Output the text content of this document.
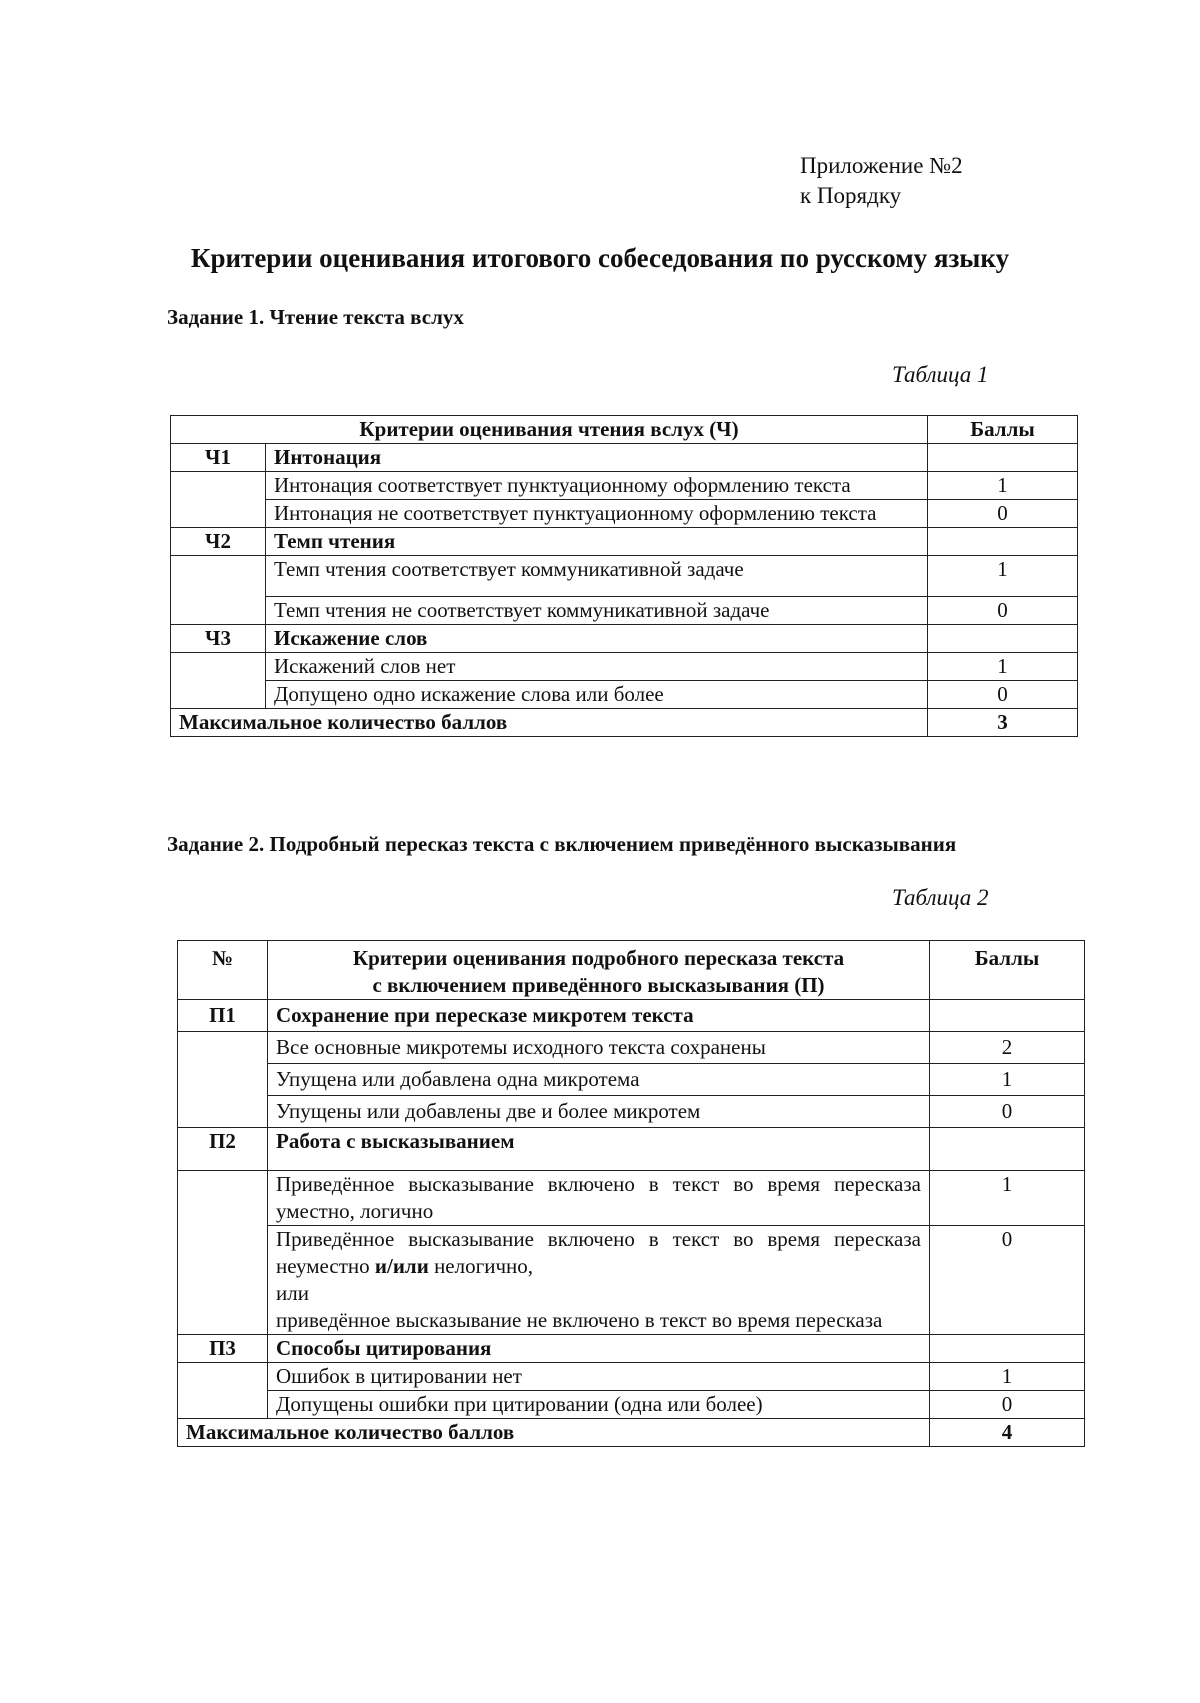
Приложение №2
к Порядку
Критерии оценивания итогового собеседования по русскому языку
Задание 1. Чтение текста вслух
Таблица 1
Критерии оценивания чтения вслух (Ч)		Баллы
Ч1	Интонация	
	Интонация соответствует пунктуационному оформлению текста	1
	Интонация не соответствует пунктуационному оформлению текста	0
Ч2	Темп чтения	
	Темп чтения соответствует коммуникативной задаче	1
	Темп чтения не соответствует коммуникативной задаче	0
Ч3	Искажение слов	
	Искажений слов нет	1
	Допущено одно искажение слова или более	0
Максимальное количество баллов		3
Задание 2. Подробный пересказ текста с включением приведённого высказывания
Таблица 2
№	Критерии оценивания подробного пересказа текста
с включением приведённого высказывания (П)	Баллы
П1	Сохранение при пересказе микротем текста	
	Все основные микротемы исходного текста сохранены	2
	Упущена или добавлена одна микротема	1
	Упущены или добавлены две и более микротем	0
П2	Работа с высказыванием	
	Приведённое высказывание включено в текст во время пересказа уместно, логично	1
	Приведённое высказывание включено в текст во время пересказа неуместно и/или нелогично,
или
приведённое высказывание не включено в текст во время пересказа	0
П3	Способы цитирования	
	Ошибок в цитировании нет	1
	Допущены ошибки при цитировании (одна или более)	0
Максимальное количество баллов		4
